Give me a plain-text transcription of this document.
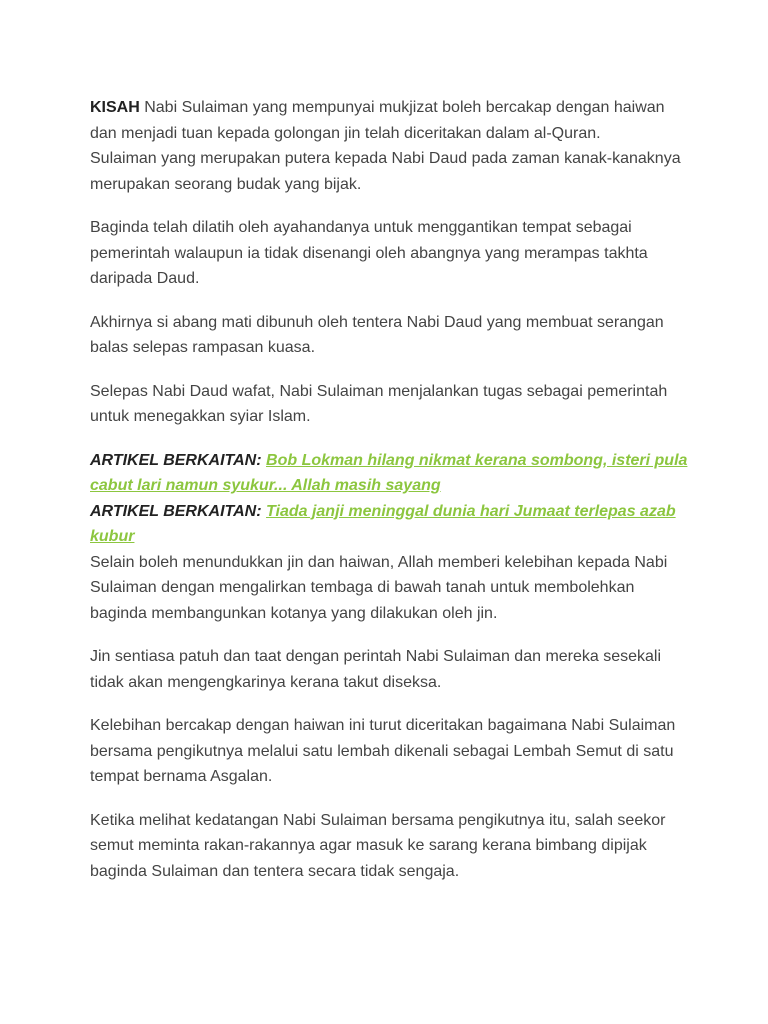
KISAH Nabi Sulaiman yang mempunyai mukjizat boleh bercakap dengan haiwan dan menjadi tuan kepada golongan jin telah diceritakan dalam al-Quran.

Sulaiman yang merupakan putera kepada Nabi Daud pada zaman kanak-kanaknya merupakan seorang budak yang bijak.

Baginda telah dilatih oleh ayahandanya untuk menggantikan tempat sebagai pemerintah walaupun ia tidak disenangi oleh abangnya yang merampas takhta daripada Daud.

Akhirnya si abang mati dibunuh oleh tentera Nabi Daud yang membuat serangan balas selepas rampasan kuasa.

Selepas Nabi Daud wafat, Nabi Sulaiman menjalankan tugas sebagai pemerintah untuk menegakkan syiar Islam.

ARTIKEL BERKAITAN: Bob Lokman hilang nikmat kerana sombong, isteri pula cabut lari namun syukur... Allah masih sayang
ARTIKEL BERKAITAN: Tiada janji meninggal dunia hari Jumaat terlepas azab kubur

Selain boleh menundukkan jin dan haiwan, Allah memberi kelebihan kepada Nabi Sulaiman dengan mengalirkan tembaga di bawah tanah untuk membolehkan baginda membangunkan kotanya yang dilakukan oleh jin.

Jin sentiasa patuh dan taat dengan perintah Nabi Sulaiman dan mereka sesekali tidak akan mengengkarinya kerana takut diseksa.

Kelebihan bercakap dengan haiwan ini turut diceritakan bagaimana Nabi Sulaiman bersama pengikutnya melalui satu lembah dikenali sebagai Lembah Semut di satu tempat bernama Asgalan.

Ketika melihat kedatangan Nabi Sulaiman bersama pengikutnya itu, salah seekor semut meminta rakan-rakannya agar masuk ke sarang kerana bimbang dipijak baginda Sulaiman dan tentera secara tidak sengaja.
